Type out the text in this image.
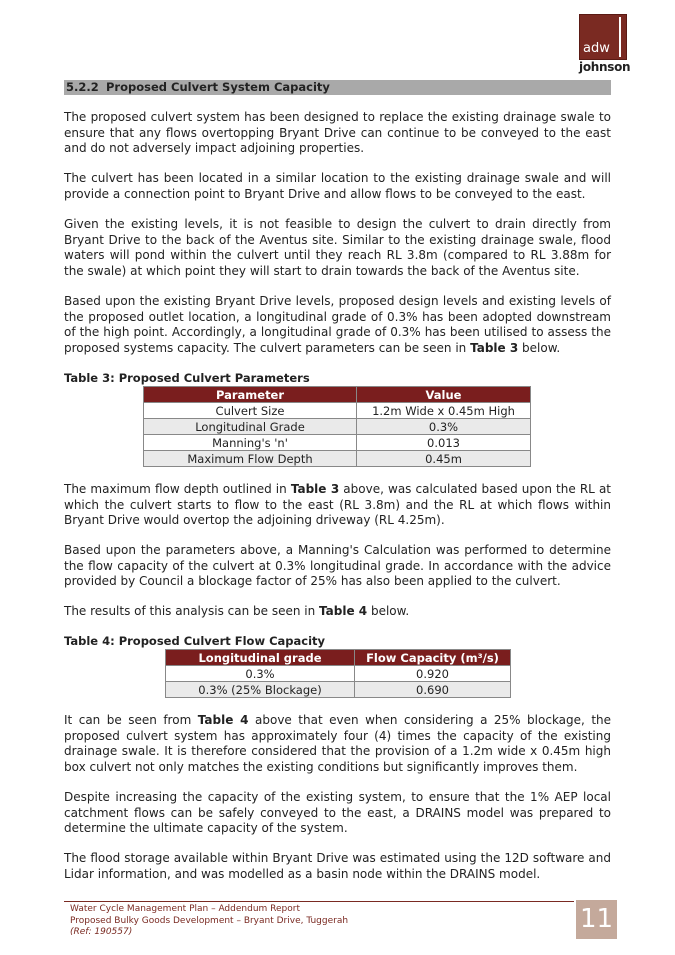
adw
johnson
5.2.2 Proposed Culvert System Capacity

The proposed culvert system has been designed to replace the existing drainage swale to ensure that any flows overtopping Bryant Drive can continue to be conveyed to the east and do not adversely impact adjoining properties.

The culvert has been located in a similar location to the existing drainage swale and will provide a connection point to Bryant Drive and allow flows to be conveyed to the east.

Given the existing levels, it is not feasible to design the culvert to drain directly from Bryant Drive to the back of the Aventus site. Similar to the existing drainage swale, flood waters will pond within the culvert until they reach RL 3.8m (compared to RL 3.88m for the swale) at which point they will start to drain towards the back of the Aventus site.

Based upon the existing Bryant Drive levels, proposed design levels and existing levels of the proposed outlet location, a longitudinal grade of 0.3% has been adopted downstream of the high point. Accordingly, a longitudinal grade of 0.3% has been utilised to assess the proposed systems capacity. The culvert parameters can be seen in Table 3 below.

Table 3: Proposed Culvert Parameters
Parameter	Value
Culvert Size	1.2m Wide x 0.45m High
Longitudinal Grade	0.3%
Manning's 'n'	0.013
Maximum Flow Depth	0.45m

The maximum flow depth outlined in Table 3 above, was calculated based upon the RL at which the culvert starts to flow to the east (RL 3.8m) and the RL at which flows within Bryant Drive would overtop the adjoining driveway (RL 4.25m).

Based upon the parameters above, a Manning's Calculation was performed to determine the flow capacity of the culvert at 0.3% longitudinal grade. In accordance with the advice provided by Council a blockage factor of 25% has also been applied to the culvert.

The results of this analysis can be seen in Table 4 below.

Table 4: Proposed Culvert Flow Capacity
Longitudinal grade	Flow Capacity (m³/s)
0.3%	0.920
0.3% (25% Blockage)	0.690

It can be seen from Table 4 above that even when considering a 25% blockage, the proposed culvert system has approximately four (4) times the capacity of the existing drainage swale. It is therefore considered that the provision of a 1.2m wide x 0.45m high box culvert not only matches the existing conditions but significantly improves them.

Despite increasing the capacity of the existing system, to ensure that the 1% AEP local catchment flows can be safely conveyed to the east, a DRAINS model was prepared to determine the ultimate capacity of the system.

The flood storage available within Bryant Drive was estimated using the 12D software and Lidar information, and was modelled as a basin node within the DRAINS model.

Water Cycle Management Plan – Addendum Report
Proposed Bulky Goods Development – Bryant Drive, Tuggerah
(Ref: 190557)	11
